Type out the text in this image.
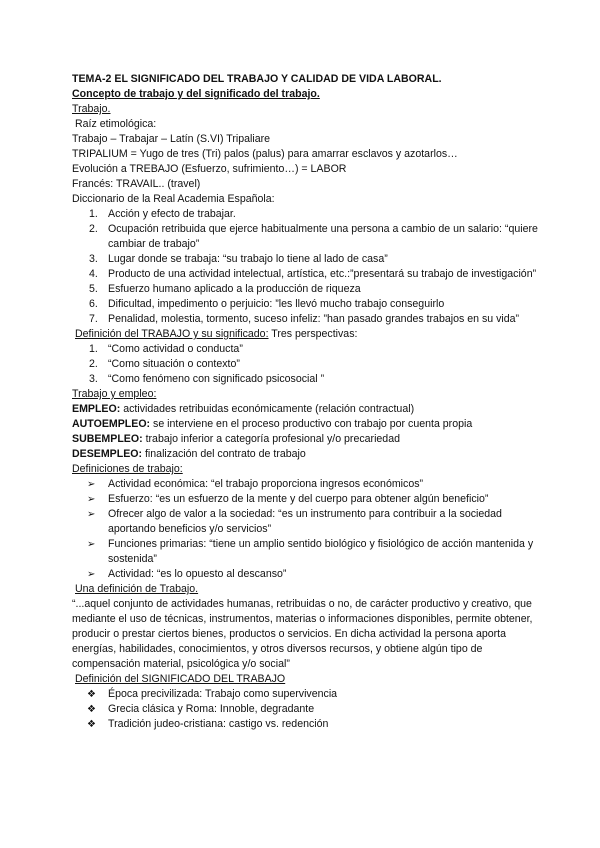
TEMA-2 EL SIGNIFICADO DEL TRABAJO Y CALIDAD DE VIDA LABORAL.
Concepto de trabajo y del significado del trabajo.
Trabajo.
Raíz etimológica:
Trabajo – Trabajar – Latín (S.VI) Tripaliare
TRIPALIUM = Yugo de tres (Tri) palos (palus) para amarrar esclavos y azotarlos…
Evolución a TREBAJO (Esfuerzo, sufrimiento…) = LABOR
Francés: TRAVAIL.. (travel)
Diccionario de la Real Academia Española:
1. Acción y efecto de trabajar.
2. Ocupación retribuida que ejerce habitualmente una persona a cambio de un salario: “quiere cambiar de trabajo”
3. Lugar donde se trabaja: “su trabajo lo tiene al lado de casa”
4. Producto de una actividad intelectual, artística, etc.:”presentará su trabajo de investigación”
5. Esfuerzo humano aplicado a la producción de riqueza
6. Dificultad, impedimento o perjuicio: ”les llevó mucho trabajo conseguirlo
7. Penalidad, molestia, tormento, suceso infeliz: ”han pasado grandes trabajos en su vida”
Definición del TRABAJO y su significado: Tres perspectivas:
1. “Como actividad o conducta”
2. “Como situación o contexto”
3. “Como fenómeno con significado psicosocial ”
Trabajo y empleo:
EMPLEO: actividades retribuidas económicamente (relación contractual)
AUTOEMPLEO: se interviene en el proceso productivo con trabajo por cuenta propia
SUBEMPLEO: trabajo inferior a categoría profesional y/o precariedad
DESEMPLEO: finalización del contrato de trabajo
Definiciones de trabajo:
➢ Actividad económica: “el trabajo proporciona ingresos económicos”
➢ Esfuerzo: “es un esfuerzo de la mente y del cuerpo para obtener algún beneficio”
➢ Ofrecer algo de valor a la sociedad: “es un instrumento para contribuir a la sociedad aportando beneficios y/o servicios”
➢ Funciones primarias: “tiene un amplio sentido biológico y fisiológico de acción mantenida y sostenida”
➢ Actividad: “es lo opuesto al descanso”
Una definición de Trabajo.
“...aquel conjunto de actividades humanas, retribuidas o no, de carácter productivo y creativo, que mediante el uso de técnicas, instrumentos, materias o informaciones disponibles, permite obtener, producir o prestar ciertos bienes, productos o servicios. En dicha actividad la persona aporta energías, habilidades, conocimientos, y otros diversos recursos, y obtiene algún tipo de compensación material, psicológica y/o social”
Definición del SIGNIFICADO DEL TRABAJO
❖ Época precivilizada: Trabajo como supervivencia
❖ Grecia clásica y Roma: Innoble, degradante
❖ Tradición judeo-cristiana: castigo vs. redención
